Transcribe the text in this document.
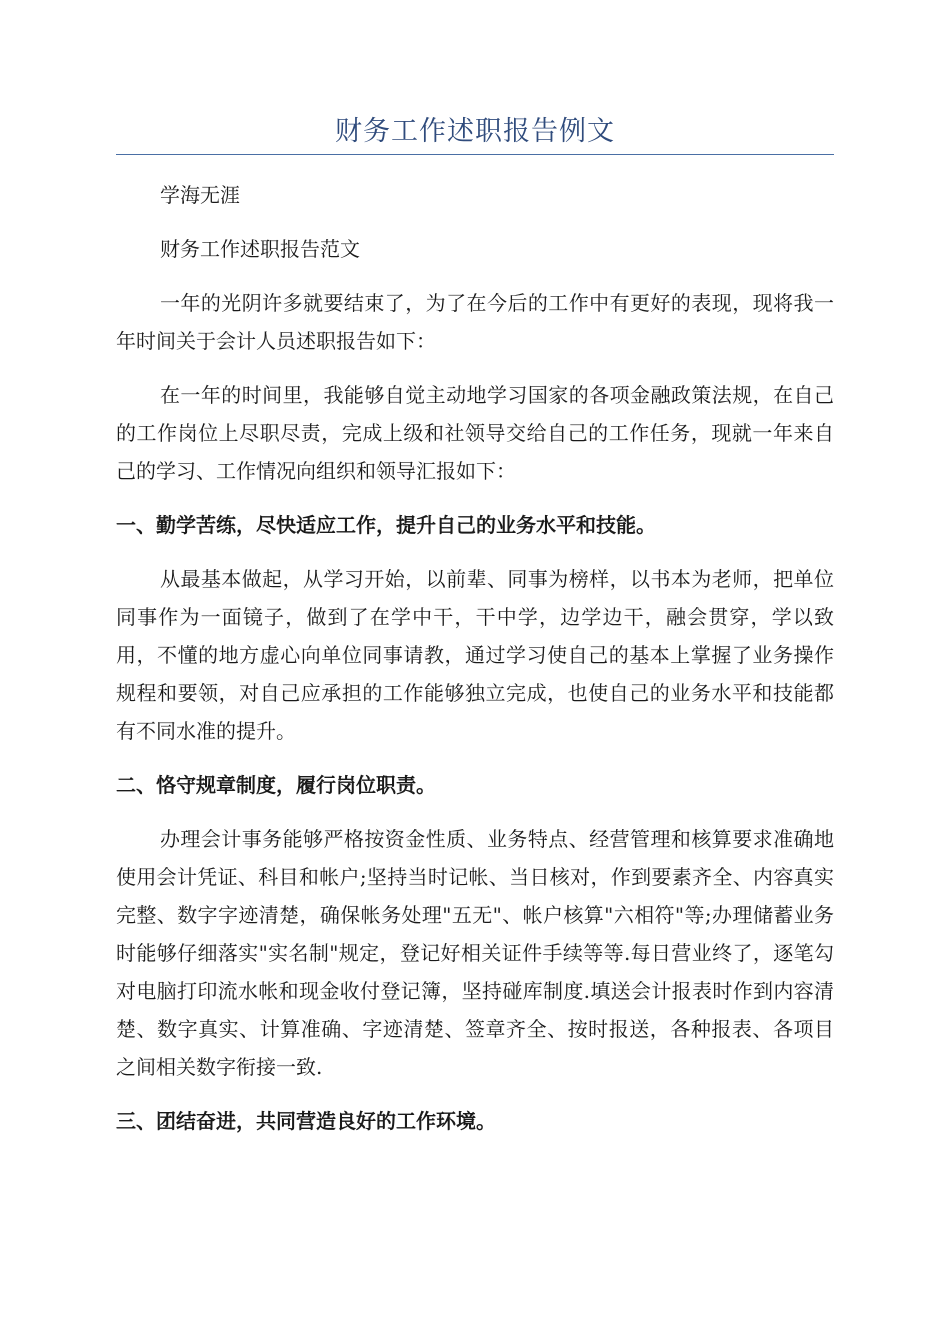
财务工作述职报告例文

学海无涯

财务工作述职报告范文

一年的光阴许多就要结束了，为了在今后的工作中有更好的表现，现将我一年时间关于会计人员述职报告如下：

在一年的时间里，我能够自觉主动地学习国家的各项金融政策法规，在自己的工作岗位上尽职尽责，完成上级和社领导交给自己的工作任务，现就一年来自己的学习、工作情况向组织和领导汇报如下：

一、勤学苦练，尽快适应工作，提升自己的业务水平和技能。

从最基本做起，从学习开始，以前辈、同事为榜样，以书本为老师，把单位同事作为一面镜子，做到了在学中干，干中学，边学边干，融会贯穿，学以致用，不懂的地方虚心向单位同事请教，通过学习使自己的基本上掌握了业务操作规程和要领，对自己应承担的工作能够独立完成，也使自己的业务水平和技能都有不同水准的提升。

二、恪守规章制度，履行岗位职责。

办理会计事务能够严格按资金性质、业务特点、经营管理和核算要求准确地使用会计凭证、科目和帐户;坚持当时记帐、当日核对，作到要素齐全、内容真实完整、数字字迹清楚，确保帐务处理"五无"、帐户核算"六相符"等;办理储蓄业务时能够仔细落实"实名制"规定，登记好相关证件手续等等.每日营业终了，逐笔勾对电脑打印流水帐和现金收付登记簿，坚持碰库制度.填送会计报表时作到内容清楚、数字真实、计算准确、字迹清楚、签章齐全、按时报送，各种报表、各项目之间相关数字衔接一致.

三、团结奋进，共同营造良好的工作环境。
